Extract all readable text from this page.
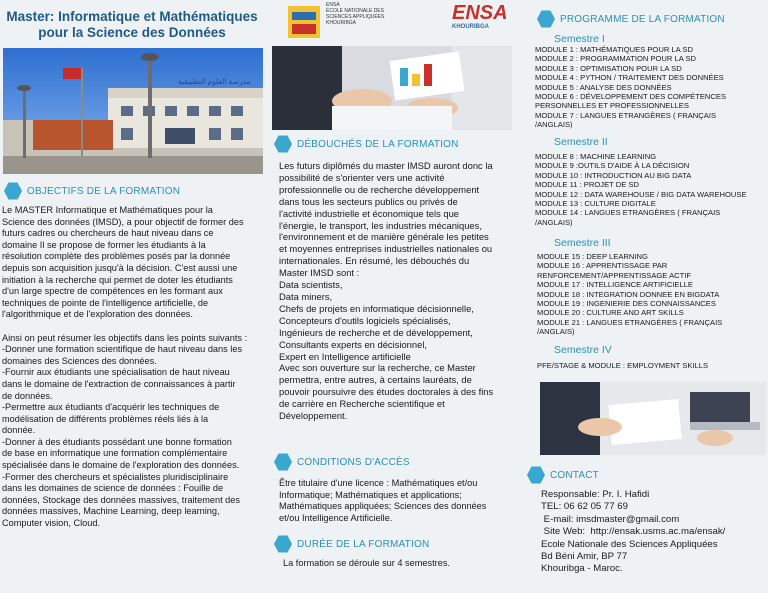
Master: Informatique et Mathématiques pour la Science des Données
ﻣﺪﺭﺳﺔ ﺍﻟﻌﻠﻮﻡ ﺍﻟﺘﻄﺒﻴﻘﻴﺔ
ENSA
ÉCOLE NATIONALE DES SCIENCES APPLIQUÉES
KHOURIBGA	ENSA
KHOURIBGA
OBJECTIFS DE LA FORMATION
Le MASTER Informatique et Mathématiques pour la
Science des données (IMSD), a pour objectif de former des
futurs cadres ou chercheurs de haut niveau dans ce
domaine Il se propose de former les étudiants à la
résolution complète des problèmes posés par la donnée
depuis son acquisition jusqu'à la décision. C'est aussi une
initiation à la recherche qui permet de doter les étudiants
d'un large spectre de compétences en les formant aux
techniques de pointe de l'intelligence artificielle, de
l'algorithmique et de l'exploration des données.

Ainsi on peut résumer les objectifs dans les points suivants :
-Donner une formation scientifique de haut niveau dans les
domaines des Sciences des données.
-Fournir aux étudiants une spécialisation de haut niveau
dans le domaine de l'extraction de connaissances à partir
de données.
-Permettre aux étudiants d'acquérir les techniques de
modélisation de différents problèmes réels liés à la
donnée.
-Donner à des étudiants possédant une bonne formation
de base en informatique une formation complémentaire
spécialisée dans le domaine de l'exploration des données.
-Former des chercheurs et spécialistes pluridisciplinaire
dans les domaines de science de données : Fouille de
données, Stockage des données massives, traitement des
données massives, Machine Learning, deep learning,
Computer vision, Cloud.
DÉBOUCHÉS DE LA FORMATION
Les futurs diplômés du master IMSD auront donc la
possibilité de s'orienter vers une activité
professionnelle ou de recherche développement
dans tous les secteurs publics ou privés de
l'activité industrielle et économique tels que
l'énergie, le transport, les industries mécaniques,
l'environnement et de manière générale les petites
et moyennes entreprises industrielles nationales ou
internationales. En résumé, les débouchés du
Master IMSD sont :
Data scientists,
Data miners,
Chefs de projets en informatique décisionnelle,
Concepteurs d'outils logiciels spécialisés,
Ingénieurs de recherche et de développement,
Consultants experts en décisionnel,
Expert en Intelligence artificielle
Avec son ouverture sur la recherche, ce Master
permettra, entre autres, à certains lauréats, de
pouvoir poursuivre des études doctorales à des fins
de carrière en Recherche scientifique et
Développement.
CONDITIONS D'ACCÈS
Être titulaire d'une licence : Mathématiques et/ou
Informatique; Mathématiques et applications;
Mathématiques appliquées; Sciences des données
et/ou Intelligence Artificielle.
DURÉE DE LA FORMATION
La formation se déroule sur 4 semestres.
PROGRAMME DE LA FORMATION
Semestre I
MODULE 1 : MATHÉMATIQUES POUR LA SD
MODULE 2 : PROGRAMMATION POUR LA SD
MODULE 3 : OPTIMISATION POUR LA SD
MODULE 4 : PYTHON / TRAITEMENT DES DONNÉES
MODULE 5 : ANALYSE DES DONNÉES
MODULE 6 : DÉVELOPPEMENT DES COMPÉTENCES
PERSONNELLES ET PROFESSIONNELLES
MODULE 7 : LANGUES ETRANGÈRES ( FRANÇAIS
/ANGLAIS)
Semestre II
MODULE 8 : MACHINE LEARNING
MODULE 9 :OUTILS D'AIDE À LA DÉCISION
MODULE 10 : INTRODUCTION AU BIG DATA
MODULE 11 : PROJET DE SD
MODULE 12 : DATA WAREHOUSE / BIG DATA WAREHOUSE
MODULE 13 : CULTURE DIGITALE
MODULE 14 : LANGUES ETRANGÈRES ( FRANÇAIS
/ANGLAIS)
Semestre III
MODULE 15 : DEEP LEARNING
MODULE 16 : APPRENTISSAGE PAR
RENFORCEMENT/APPRENTISSAGE ACTIF
MODULE 17 : INTELLIGENCE ARTIFICIELLE
MODULE 18 : INTEGRATION DONNEE EN BIGDATA
MODULE 19 : INGENIERIE DES CONNAISSANCES
MODULE 20 : CULTURE AND ART SKILLS
MODULE 21 : LANGUES ETRANGÈRES ( FRANÇAIS
/ANGLAIS)
Semestre IV
PFE/STAGE & MODULE : EMPLOYMENT SKILLS
CONTACT
Responsable: Pr. I. Hafidi
TEL: 06 62 05 77 69
E-mail: imsdmaster@gmail.com
Site Web:  http://ensak.usms.ac.ma/ensak/
Ecole Nationale des Sciences Appliquées
Bd Béni Amir, BP 77
Khouribga - Maroc.
